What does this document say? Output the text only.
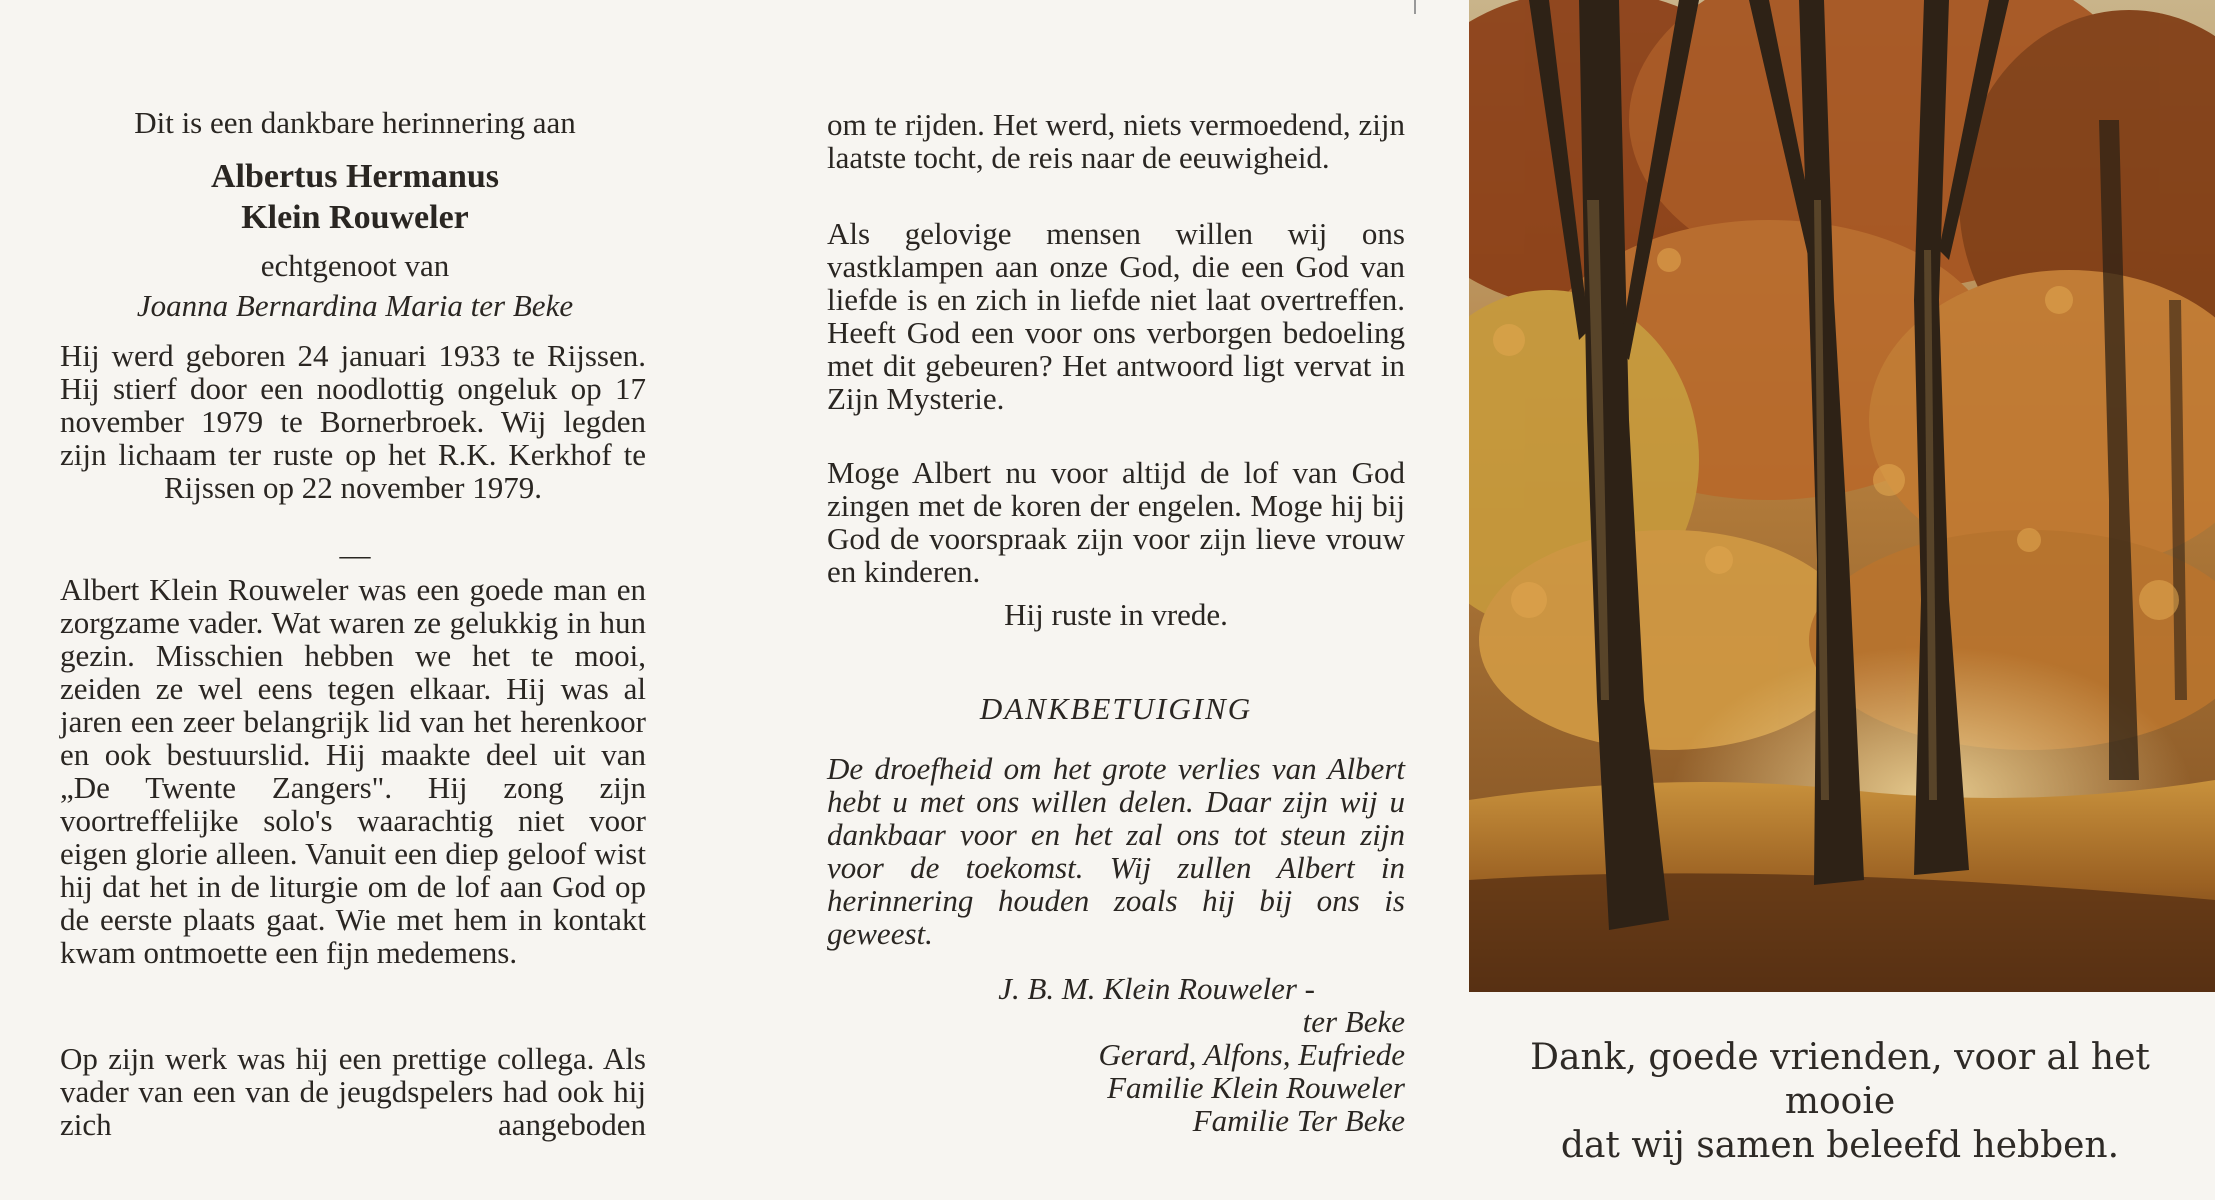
Dit is een dankbare herinnering aan

Albertus Hermanus
Klein Rouweler

echtgenoot van

Joanna Bernardina Maria ter Beke

Hij werd geboren 24 januari 1933 te Rijssen. Hij stierf door een noodlottig ongeluk op 17 november 1979 te Bornerbroek. Wij legden zijn lichaam ter ruste op het R.K. Kerkhof te Rijssen op 22 november 1979.

—

Albert Klein Rouweler was een goede man en zorgzame vader. Wat waren ze gelukkig in hun gezin. Misschien hebben we het te mooi, zeiden ze wel eens tegen elkaar. Hij was al jaren een zeer belangrijk lid van het herenkoor en ook bestuurslid. Hij maakte deel uit van „De Twente Zangers". Hij zong zijn voortreffelijke solo's waarachtig niet voor eigen glorie alleen. Vanuit een diep geloof wist hij dat het in de liturgie om de lof aan God op de eerste plaats gaat. Wie met hem in kontakt kwam ontmoette een fijn medemens.

Op zijn werk was hij een prettige collega. Als vader van een van de jeugdspelers had ook hij zich aangeboden

om te rijden. Het werd, niets vermoedend, zijn laatste tocht, de reis naar de eeuwigheid.

Als gelovige mensen willen wij ons vastklampen aan onze God, die een God van liefde is en zich in liefde niet laat overtreffen. Heeft God een voor ons verborgen bedoeling met dit gebeuren? Het antwoord ligt vervat in Zijn Mysterie.

Moge Albert nu voor altijd de lof van God zingen met de koren der engelen. Moge hij bij God de voorspraak zijn voor zijn lieve vrouw en kinderen.

Hij ruste in vrede.

DANKBETUIGING

De droefheid om het grote verlies van Albert hebt u met ons willen delen. Daar zijn wij u dankbaar voor en het zal ons tot steun zijn voor de toekomst. Wij zullen Albert in herinnering houden zoals hij bij ons is geweest.

J. B. M. Klein Rouweler -
ter Beke
Gerard, Alfons, Eufriede
Familie Klein Rouweler
Familie Ter Beke
Dank, goede vrienden, voor al het mooie
dat wij samen beleefd hebben.
